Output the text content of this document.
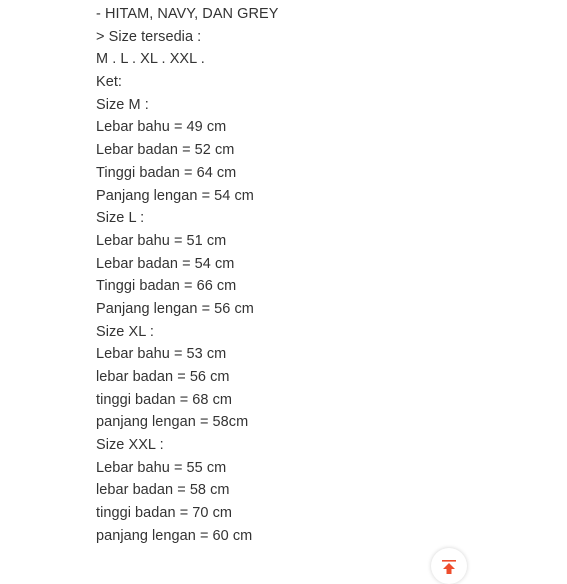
- HITAM, NAVY, DAN GREY
> Size tersedia :
M . L . XL . XXL .
Ket:
Size M :
Lebar bahu = 49 cm
Lebar badan = 52 cm
Tinggi badan = 64 cm
Panjang lengan = 54 cm
Size L :
Lebar bahu = 51 cm
Lebar badan = 54 cm
Tinggi badan = 66 cm
Panjang lengan = 56 cm
Size XL :
Lebar bahu = 53 cm
lebar badan = 56 cm
tinggi badan = 68 cm
panjang lengan = 58cm
Size XXL :
Lebar bahu = 55 cm
lebar badan = 58 cm
tinggi badan = 70 cm
panjang lengan = 60 cm
